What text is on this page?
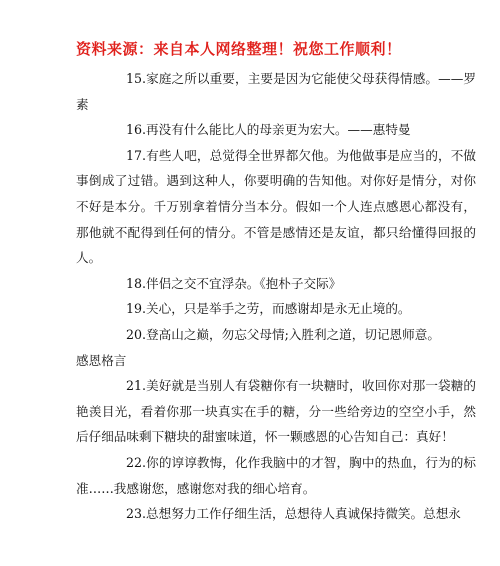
资料来源：来自本人网络整理！祝您工作顺利！

15.家庭之所以重要，主要是因为它能使父母获得情感。——罗素

16.再没有什么能比人的母亲更为宏大。——惠特曼

17.有些人吧，总觉得全世界都欠他。为他做事是应当的，不做事倒成了过错。遇到这种人，你要明确的告知他。对你好是情分，对你不好是本分。千万别拿着情分当本分。假如一个人连点感恩心都没有，那他就不配得到任何的情分。不管是感情还是友谊，都只给懂得回报的人。

18.伴侣之交不宜浮杂。《抱朴子交际》

19.关心，只是举手之劳，而感谢却是永无止境的。

20.登高山之巅，勿忘父母情;入胜利之道，切记恩师意。

感恩格言

21.美好就是当别人有袋糖你有一块糖时，收回你对那一袋糖的艳羡目光，看着你那一块真实在手的糖，分一些给旁边的空空小手，然后仔细品味剩下糖块的甜蜜味道，怀一颗感恩的心告知自己：真好！

22.你的谆谆教悔，化作我脑中的才智，胸中的热血，行为的标准……我感谢您，感谢您对我的细心培育。

23.总想努力工作仔细生活，总想待人真诚保持微笑。总想永
